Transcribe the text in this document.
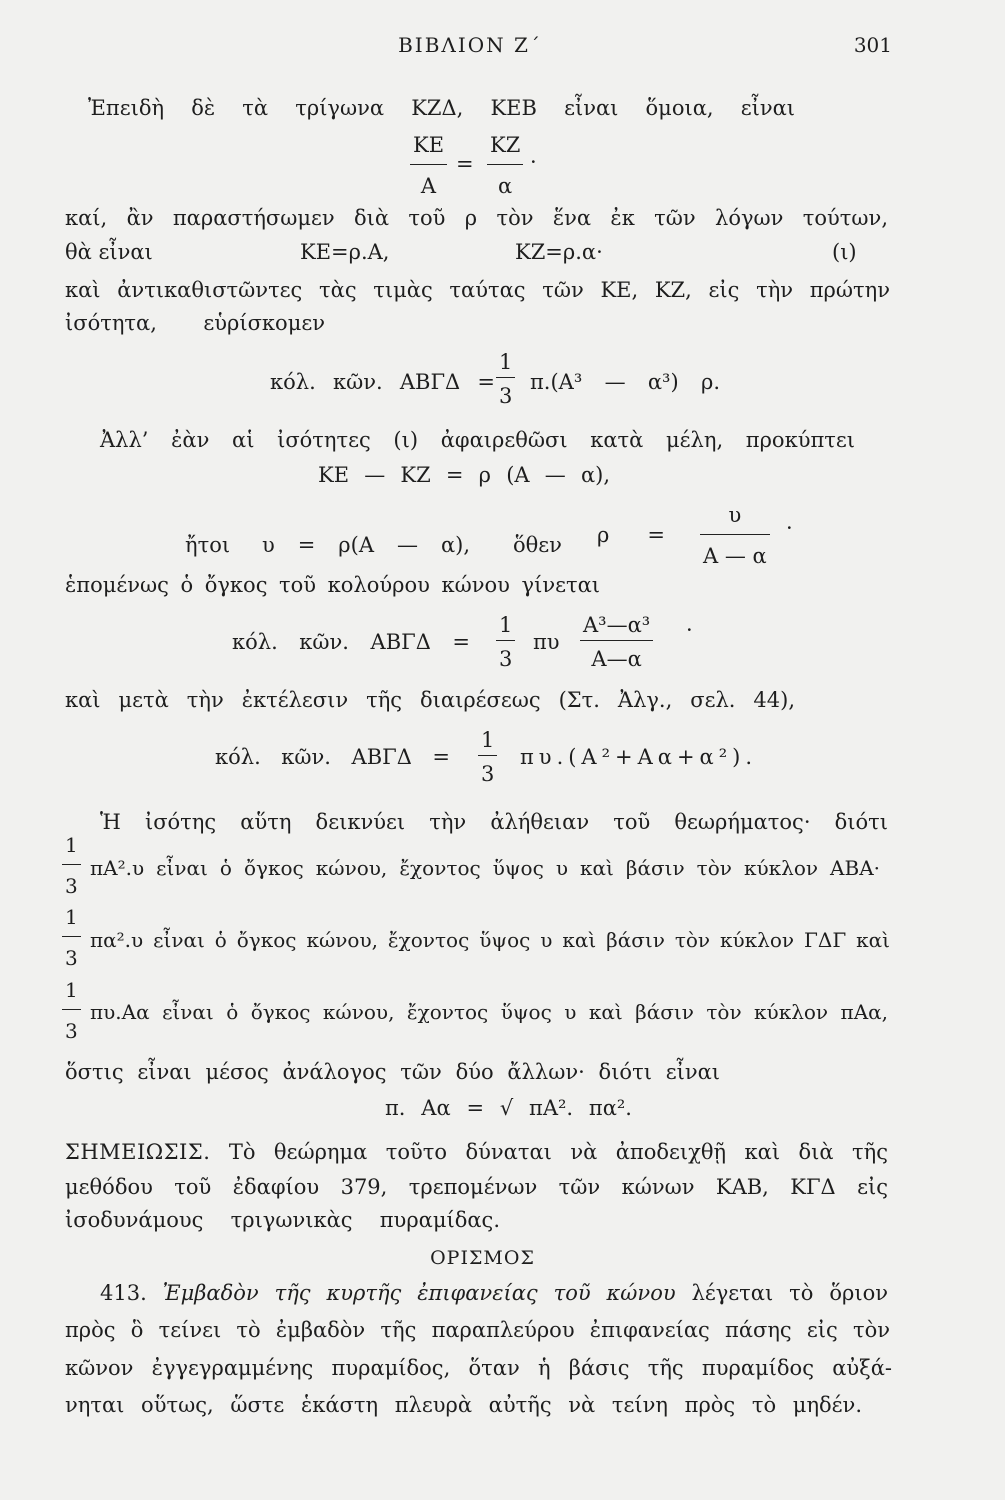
ΒΙΒΛΙΟΝ Ζ΄	301
Ἐπειδὴ δὲ τὰ τρίγωνα ΚΖΔ, ΚΕΒ εἶναι ὅμοια, εἶναι
$\frac{KE}{A} = \frac{KZ}{\alpha}$ ·
καί, ἂν παραστήσωμεν διὰ τοῦ ρ τὸν ἕνα ἐκ τῶν λόγων τούτων,
θὰ εἶναι	ΚΕ=ρ.Α,	ΚΖ=ρ.α·	(ι)
καὶ ἀντικαθιστῶντες τὰς τιμὰς ταύτας τῶν ΚΕ, ΚΖ, εἰς τὴν πρώτην
ἰσότητα, εὑρίσκομεν
κόλ. κῶν. $AB\Gamma\Delta = \frac{1}{3} \pi.(A^3$ — α³) ρ.
Ἀλλ’ ἐὰν αἱ ἰσότητες (ι) ἀφαιρεθῶσι κατὰ μέλη, προκύπτει
ΚΕ — ΚΖ = ρ (Α — α),
ἤτοι υ = ρ(Α — α), ὅθεν $\rho = \frac{\upsilon}{A — \alpha}$ ·
ἑπομένως ὁ ὄγκος τοῦ κολούρου κώνου γίνεται
κόλ. κῶν. $AB\Gamma\Delta = \frac{1}{3}$ πυ $\frac{\text{Α³—α³}}{A—\alpha}$ ·
καὶ μετὰ τὴν ἐκτέλεσιν τῆς διαιρέσεως (Στ. Ἀλγ., σελ. 44),
κόλ. κῶν. $AB\Gamma\Delta = \frac{1}{3} \pi\upsilon.(A^2+A\alpha+\alpha^2)$.
Ἡ ἰσότης αὕτη δεικνύει τὴν ἀλήθειαν τοῦ θεωρήματος· διότι
$\frac{1}{3} \pi A^2.\upsilon$ εἶναι ὁ ὄγκος κώνου, ἔχοντος ὕψος υ καὶ βάσιν τὸν κύκλον ΑΒΑ·
$\frac{1}{3} \pi\alpha^2.\upsilon$ εἶναι ὁ ὄγκος κώνου, ἔχοντος ὕψος υ καὶ βάσιν τὸν κύκλον ΓΔΓ καὶ
$\frac{1}{3} \pi\upsilon.A\alpha$ εἶναι ὁ ὄγκος κώνου, ἔχοντος ὕψος υ καὶ βάσιν τὸν κύκλον πΑα,
ὅστις εἶναι μέσος ἀνάλογος τῶν δύο ἄλλων· διότι εἶναι
π. Αα = √ πΑ². πα².
ΣΗΜΕΙΩΣΙΣ. Τὸ θεώρημα τοῦτο δύναται νὰ ἀποδειχθῇ καὶ διὰ τῆς
μεθόδου τοῦ ἐδαφίου 379, τρεπομένων τῶν κώνων ΚΑΒ, ΚΓΔ εἰς
ἰσοδυνάμους τριγωνικὰς πυραμίδας.
ΟΡΙΣΜΟΣ
413. Ἐμβαδὸν τῆς κυρτῆς ἐπιφανείας τοῦ κώνου λέγεται τὸ ὅριον
πρὸς ὃ τείνει τὸ ἐμβαδὸν τῆς παραπλεύρου ἐπιφανείας πάσης εἰς τὸν
κῶνον ἐγγεγραμμένης πυραμίδος, ὅταν ἡ βάσις τῆς πυραμίδος αὐξά-
νηται οὕτως, ὥστε ἑκάστη πλευρὰ αὐτῆς νὰ τείνη πρὸς τὸ μηδέν.
